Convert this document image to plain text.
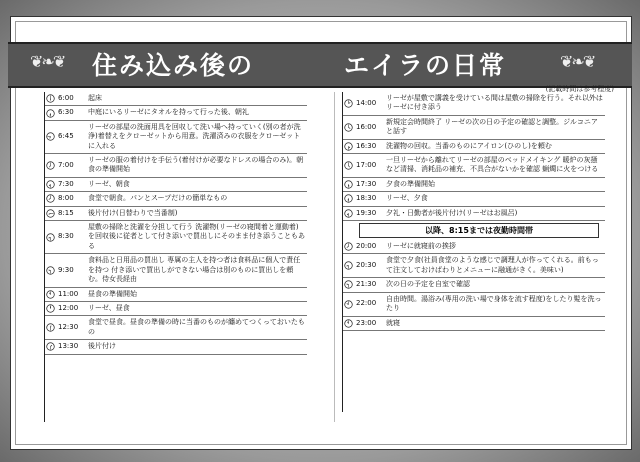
❦❧❦ 住み込み後の	エイラの日常	❦❧❦
(記載時間は参考程度)
6:00	起床
6:30	中庭にいるリーゼにタオルを持って行った後、朝礼
6:45
リーゼの部屋の洗面用具を回収して洗い場へ持っていく(別の者が洗浄)着替えをクローゼットから用意。洗濯済みの衣服をクローゼットに入れる
7:00
リーゼの服の着付けを手伝う(着付けが必要なドレスの場合のみ)。朝食の準備開始
7:30	リーゼ、朝食
8:00	食堂で朝食。パンとスープだけの簡単なもの
8:15	後片付け(日替わりで当番制)
8:30
屋敷の掃除と洗濯を分担して行う 洗濯物(リーゼの寝間着と運動着)を回収後に従者として付き添いで買出しにそのまま付き添うこともある
9:30
食料品と日用品の買出し 専属の主人を持つ者は食料品に個人で責任を持つ 付き添いで買出しができない場合は別のものに買出しを頼む。侍女長経由
11:00	昼食の準備開始
12:00	リーゼ、昼食
12:30
食堂で昼食。昼食の準備の時に当番のものが纏めてつくっておいたもの
13:30	後片付け
14:00
リーゼが屋敷で講義を受けている間は屋敷の掃除を行う。それ以外はリーゼに付き添う
16:00
新規定会時間終了 リーゼの次の日の予定の確認と調整。ジルコニアと話す
16:30	洗濯物の回収。当番のものにアイロン(ひのし)を頼む
17:00
一旦リーゼから離れてリーゼの部屋のベッドメイキング 暖炉の灰掻など清掃、消耗品の補充、不具合がないかを確認 蝋燭に火をつける
17:30	夕食の準備開始
18:30	リーゼ、夕食
19:30	夕礼・日勤者が後片付け(リーゼはお風呂)
以降、8:15までは夜勤時間帯
20:00	リーゼに就寝前の挨拶
20:30
食堂で夕食(社員食堂のような感じで調理人が作ってくれる。前もって注文しておけばわりとメニューに融通がきく。美味い)
21:30	次の日の予定を自室で確認
22:00
自由時間。湯浴み(専用の洗い場で身体を流す程度)をしたり髪を洗ったり
23:00	就寝
